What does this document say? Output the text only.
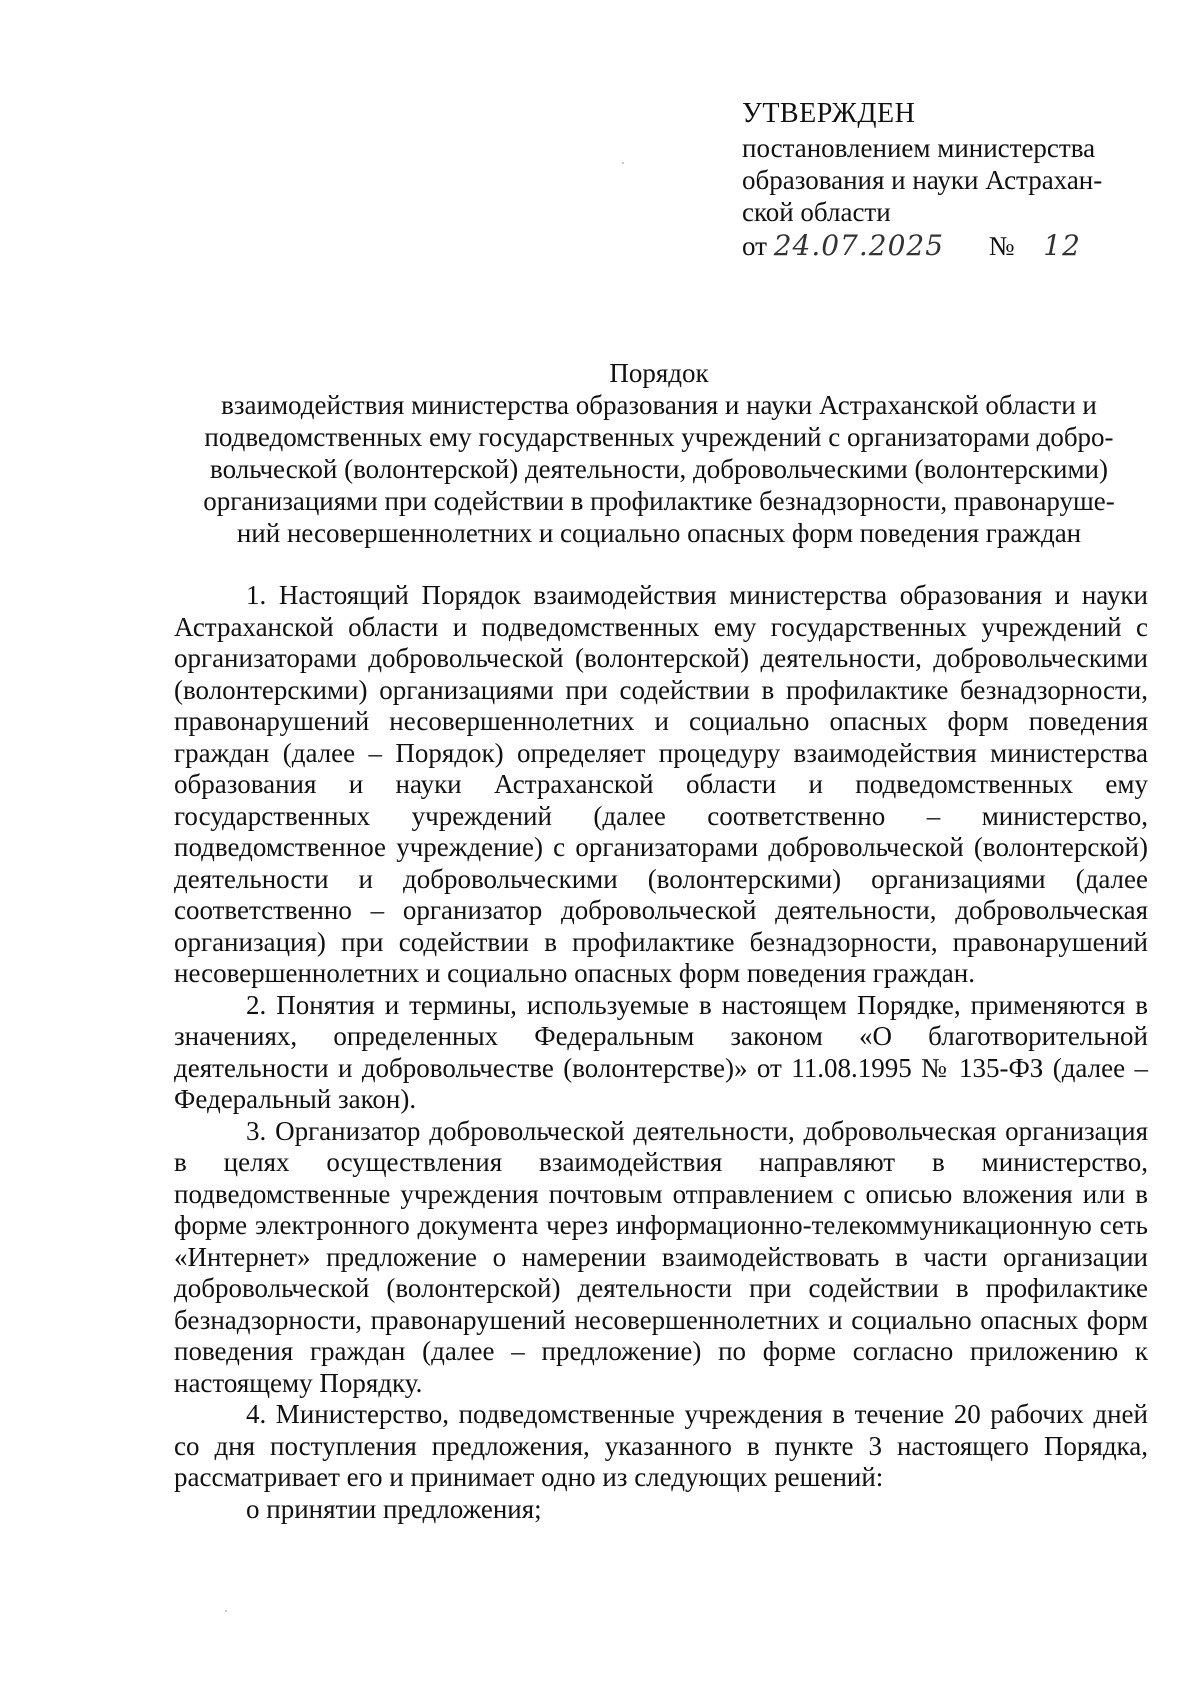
УТВЕРЖДЕН
постановлением министерства
образования и науки Астрахан-
ской области
от 24.07.2025 № 12
Порядок
взаимодействия министерства образования и науки Астраханской области и
подведомственных ему государственных учреждений с организаторами добро-
вольческой (волонтерской) деятельности, добровольческими (волонтерскими)
организациями при содействии в профилактике безнадзорности, правонаруше-
ний несовершеннолетних и социально опасных форм поведения граждан

1. Настоящий Порядок взаимодействия министерства образования и науки Астраханской области и подведомственных ему государственных учреждений с организаторами добровольческой (волонтерской) деятельности, добровольческими (волонтерскими) организациями при содействии в профилактике безнадзорности, правонарушений несовершеннолетних и социально опасных форм поведения граждан (далее – Порядок) определяет процедуру взаимодействия министерства образования и науки Астраханской области и подведомственных ему государственных учреждений (далее соответственно – министерство, подведомственное учреждение) с организаторами добровольческой (волонтерской) деятельности и добровольческими (волонтерскими) организациями (далее соответственно – организатор добровольческой деятельности, добровольческая организация) при содействии в профилактике безнадзорности, правонарушений несовершеннолетних и социально опасных форм поведения граждан.

2. Понятия и термины, используемые в настоящем Порядке, применяются в значениях, определенных Федеральным законом «О благотворительной деятельности и добровольчестве (волонтерстве)» от 11.08.1995 № 135-ФЗ (далее – Федеральный закон).

3. Организатор добровольческой деятельности, добровольческая организация в целях осуществления взаимодействия направляют в министерство, подведомственные учреждения почтовым отправлением с описью вложения или в форме электронного документа через информационно-телекоммуникационную сеть «Интернет» предложение о намерении взаимодействовать в части организации добровольческой (волонтерской) деятельности при содействии в профилактике безнадзорности, правонарушений несовершеннолетних и социально опасных форм поведения граждан (далее – предложение) по форме согласно приложению к настоящему Порядку.

4. Министерство, подведомственные учреждения в течение 20 рабочих дней со дня поступления предложения, указанного в пункте 3 настоящего Порядка, рассматривает его и принимает одно из следующих решений:

о принятии предложения;
